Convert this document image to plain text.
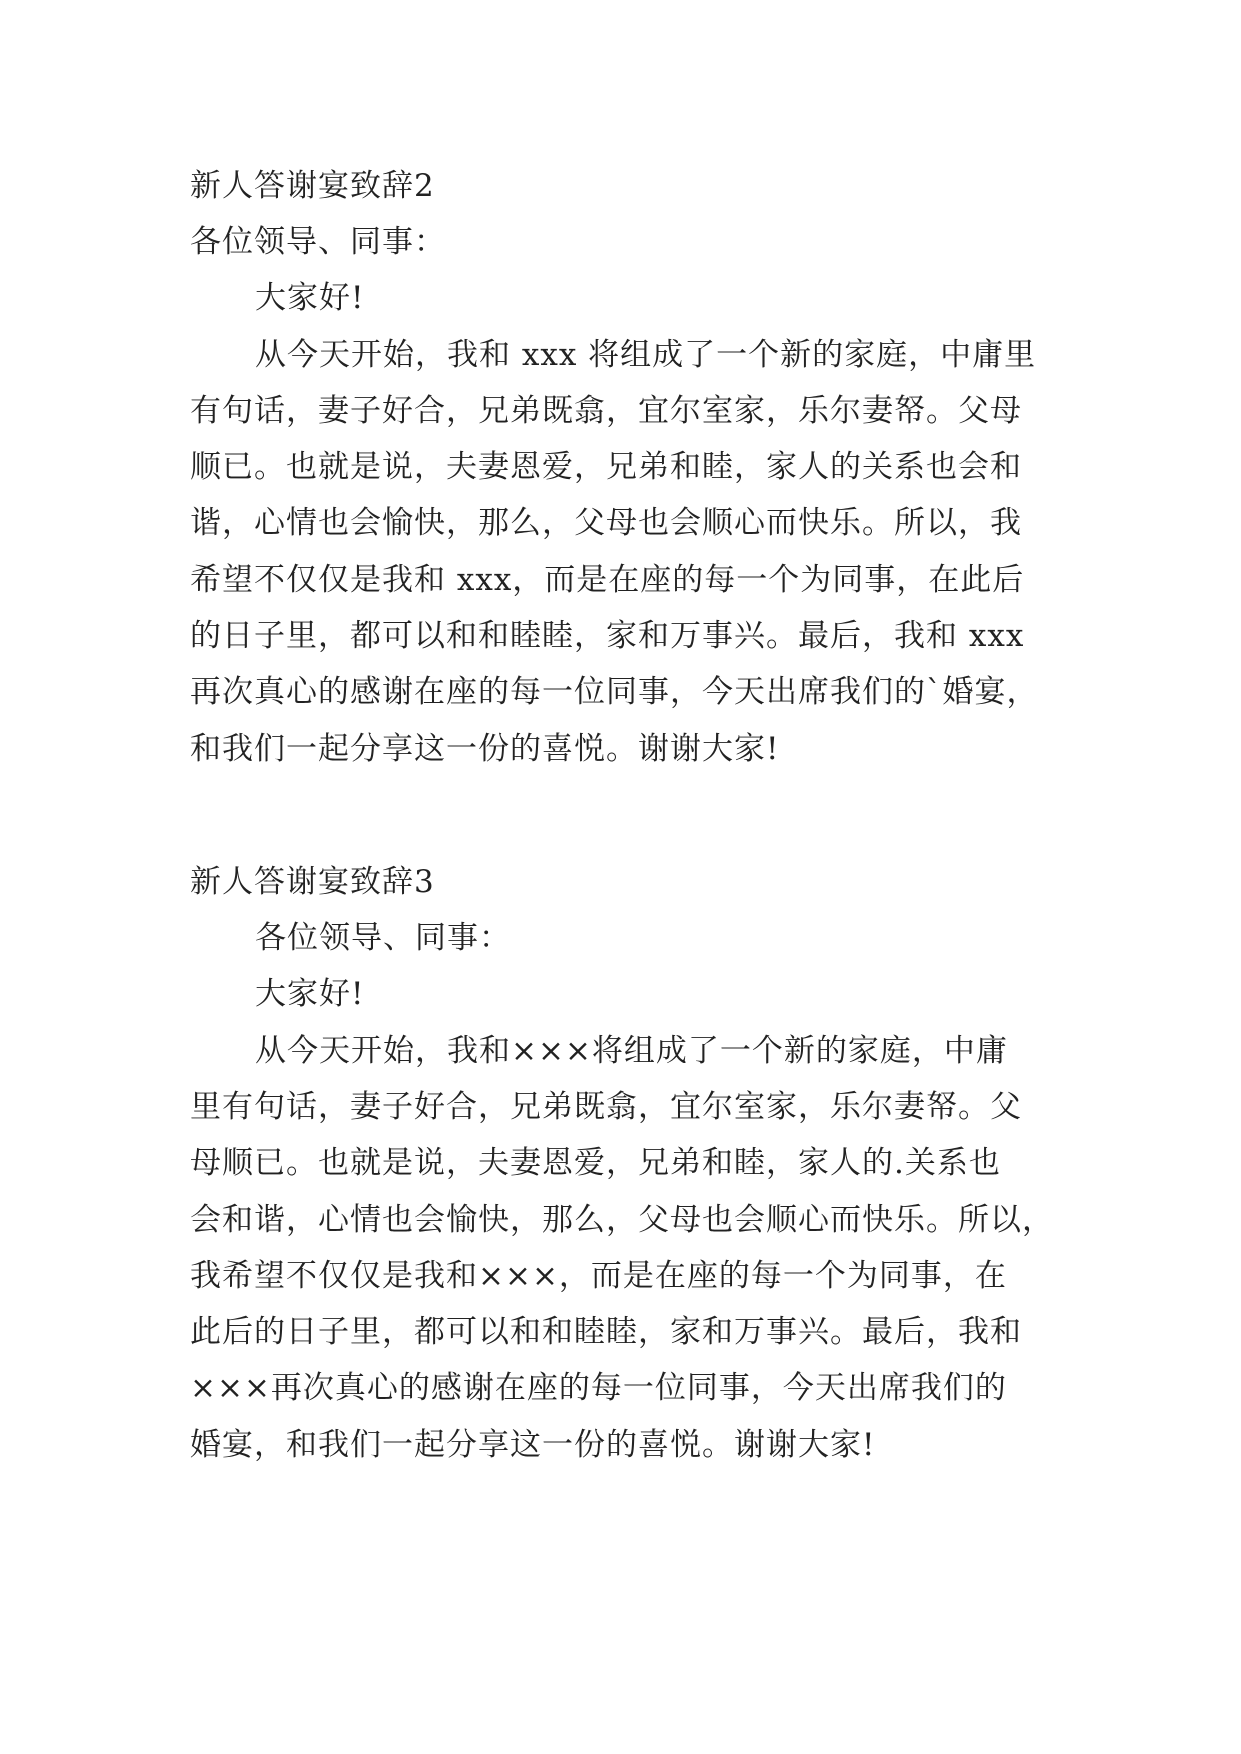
新人答谢宴致辞2
各位领导、同事：
大家好!
从今天开始，我和 xxx 将组成了一个新的家庭，中庸里
有句话，妻子好合，兄弟既翕，宜尔室家，乐尔妻帑。父母
顺已。也就是说，夫妻恩爱，兄弟和睦，家人的关系也会和
谐，心情也会愉快，那么，父母也会顺心而快乐。所以，我
希望不仅仅是我和 xxx，而是在座的每一个为同事，在此后
的日子里，都可以和和睦睦，家和万事兴。最后，我和 xxx
再次真心的感谢在座的每一位同事，今天出席我们的`婚宴，
和我们一起分享这一份的喜悦。谢谢大家!
新人答谢宴致辞3
各位领导、同事：
大家好!
从今天开始，我和×××将组成了一个新的家庭，中庸
里有句话，妻子好合，兄弟既翕，宜尔室家，乐尔妻帑。父
母顺已。也就是说，夫妻恩爱，兄弟和睦，家人的.关系也
会和谐，心情也会愉快，那么，父母也会顺心而快乐。所以，
我希望不仅仅是我和×××，而是在座的每一个为同事，在
此后的日子里，都可以和和睦睦，家和万事兴。最后，我和
×××再次真心的感谢在座的每一位同事，今天出席我们的
婚宴，和我们一起分享这一份的喜悦。谢谢大家!
